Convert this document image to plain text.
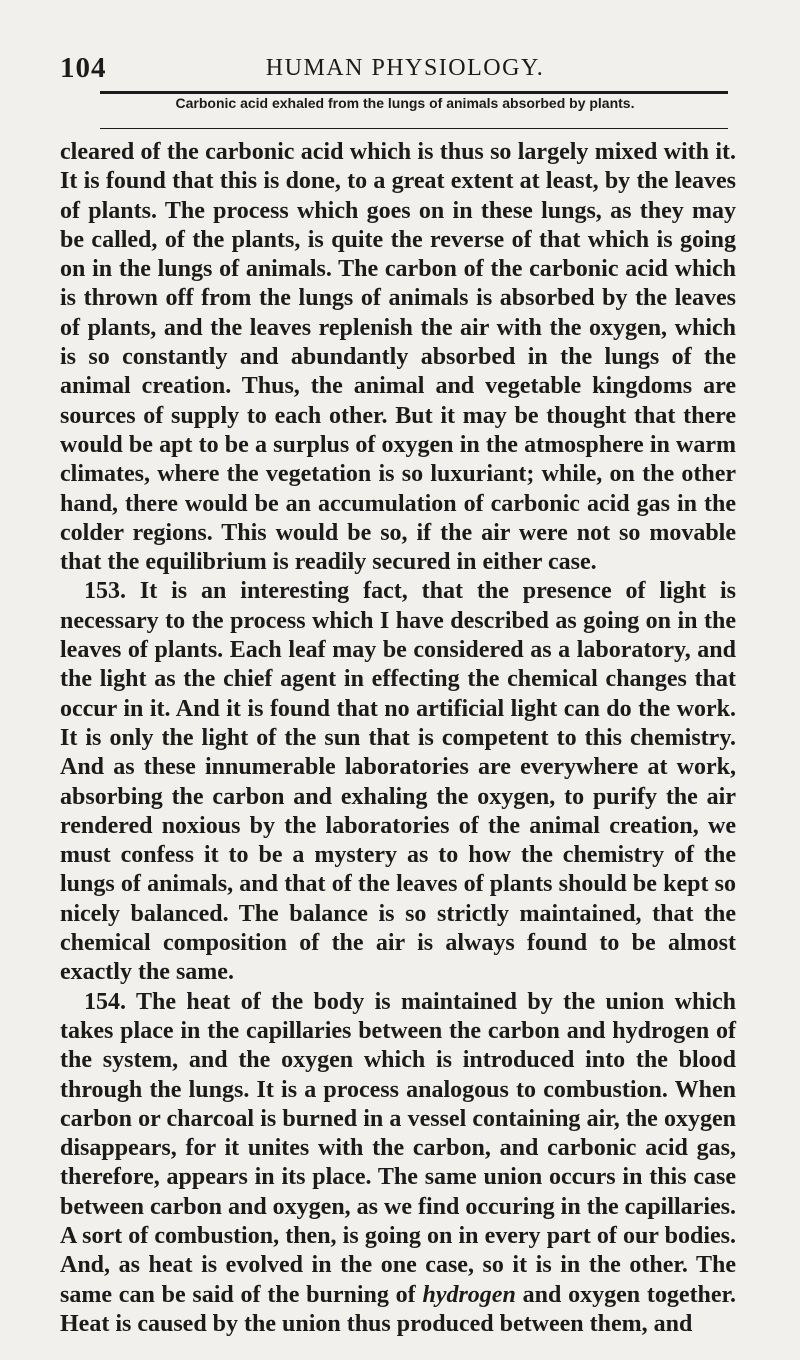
104	HUMAN PHYSIOLOGY.
Carbonic acid exhaled from the lungs of animals absorbed by plants.

cleared of the carbonic acid which is thus so largely mixed with it. It is found that this is done, to a great extent at least, by the leaves of plants. The process which goes on in these lungs, as they may be called, of the plants, is quite the reverse of that which is going on in the lungs of animals. The carbon of the carbonic acid which is thrown off from the lungs of animals is absorbed by the leaves of plants, and the leaves replenish the air with the oxygen, which is so constantly and abundantly absorbed in the lungs of the animal creation. Thus, the animal and vegetable kingdoms are sources of supply to each other. But it may be thought that there would be apt to be a surplus of oxygen in the atmosphere in warm climates, where the vegetation is so luxuriant; while, on the other hand, there would be an accumulation of carbonic acid gas in the colder regions. This would be so, if the air were not so movable that the equilibrium is readily secured in either case.

153. It is an interesting fact, that the presence of light is necessary to the process which I have described as going on in the leaves of plants. Each leaf may be considered as a laboratory, and the light as the chief agent in effecting the chemical changes that occur in it. And it is found that no artificial light can do the work. It is only the light of the sun that is competent to this chemistry. And as these innumerable laboratories are everywhere at work, absorbing the carbon and exhaling the oxygen, to purify the air rendered noxious by the laboratories of the animal creation, we must confess it to be a mystery as to how the chemistry of the lungs of animals, and that of the leaves of plants should be kept so nicely balanced. The balance is so strictly maintained, that the chemical composition of the air is always found to be almost exactly the same.

154. The heat of the body is maintained by the union which takes place in the capillaries between the carbon and hydrogen of the system, and the oxygen which is introduced into the blood through the lungs. It is a process analogous to combustion. When carbon or charcoal is burned in a vessel containing air, the oxygen disappears, for it unites with the carbon, and carbonic acid gas, therefore, appears in its place. The same union occurs in this case between carbon and oxygen, as we find occuring in the capillaries. A sort of combustion, then, is going on in every part of our bodies. And, as heat is evolved in the one case, so it is in the other. The same can be said of the burning of hydrogen and oxygen together. Heat is caused by the union thus produced between them, and
